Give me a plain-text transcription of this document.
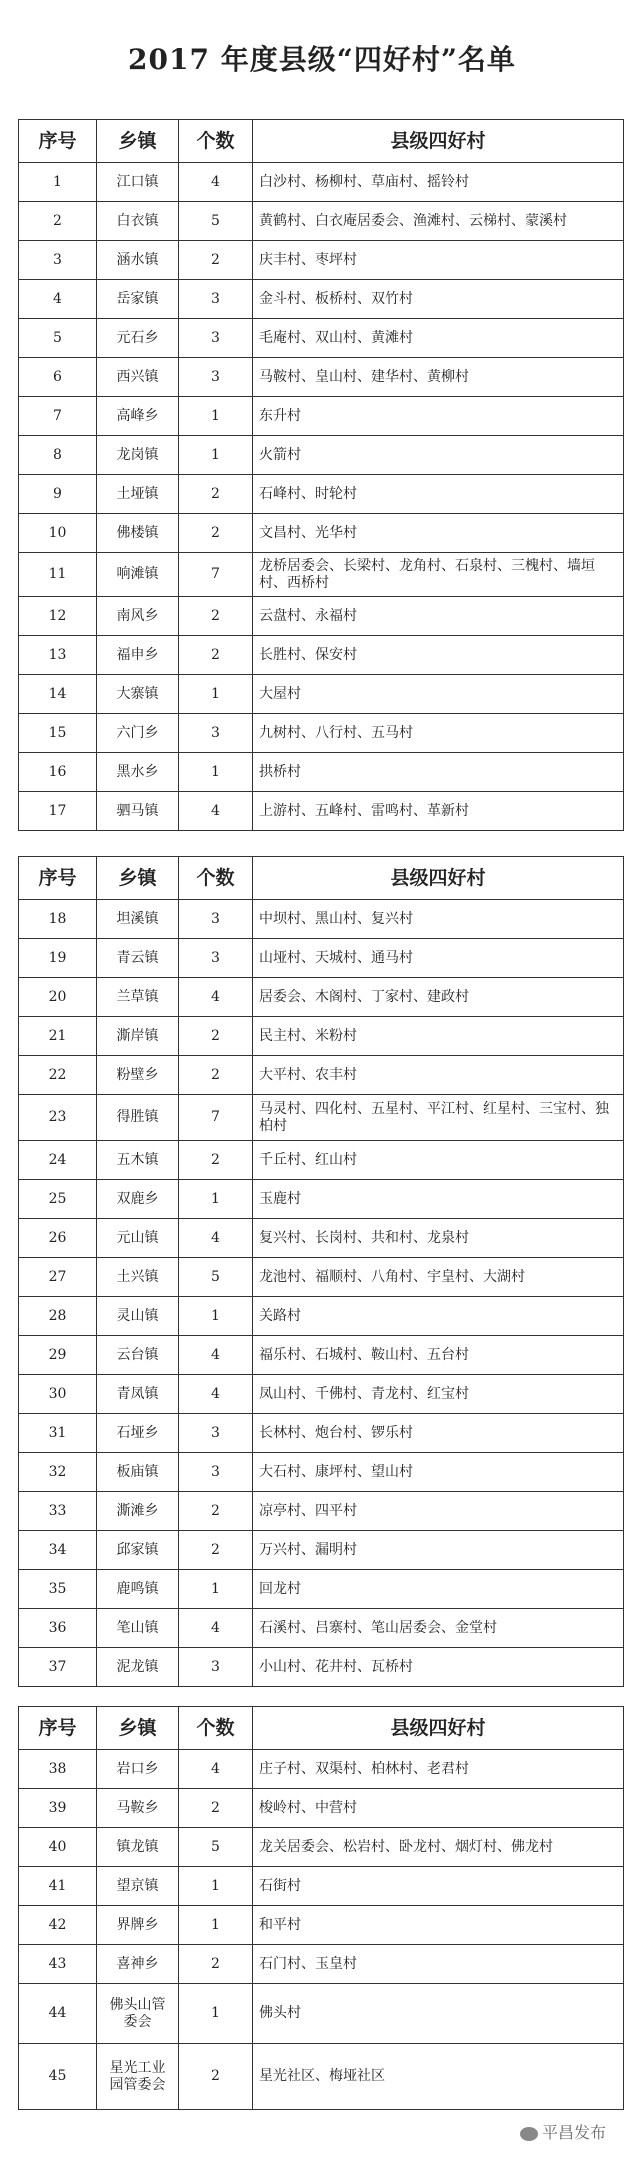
2017 年度县级“四好村”名单
序号	乡镇	个数	县级四好村
1	江口镇	4	白沙村、杨柳村、草庙村、摇铃村
2	白衣镇	5	黄鹤村、白衣庵居委会、渔滩村、云梯村、蒙溪村
3	涵水镇	2	庆丰村、枣坪村
4	岳家镇	3	金斗村、板桥村、双竹村
5	元石乡	3	毛庵村、双山村、黄滩村
6	西兴镇	3	马鞍村、皇山村、建华村、黄柳村
7	高峰乡	1	东升村
8	龙岗镇	1	火箭村
9	土垭镇	2	石峰村、时轮村
10	佛楼镇	2	文昌村、光华村
11	响滩镇	7	龙桥居委会、长梁村、龙角村、石泉村、三槐村、墙垣村、西桥村
12	南风乡	2	云盘村、永福村
13	福申乡	2	长胜村、保安村
14	大寨镇	1	大屋村
15	六门乡	3	九树村、八行村、五马村
16	黑水乡	1	拱桥村
17	驷马镇	4	上游村、五峰村、雷鸣村、革新村
序号	乡镇	个数	县级四好村
18	坦溪镇	3	中坝村、黑山村、复兴村
19	青云镇	3	山垭村、天城村、通马村
20	兰草镇	4	居委会、木阁村、丁家村、建政村
21	澌岸镇	2	民主村、米粉村
22	粉壁乡	2	大平村、农丰村
23	得胜镇	7	马灵村、四化村、五星村、平江村、红星村、三宝村、独柏村
24	五木镇	2	千丘村、红山村
25	双鹿乡	1	玉鹿村
26	元山镇	4	复兴村、长岗村、共和村、龙泉村
27	土兴镇	5	龙池村、福顺村、八角村、宇皇村、大湖村
28	灵山镇	1	关路村
29	云台镇	4	福乐村、石城村、鞍山村、五台村
30	青凤镇	4	凤山村、千佛村、青龙村、红宝村
31	石垭乡	3	长林村、炮台村、锣乐村
32	板庙镇	3	大石村、康坪村、望山村
33	澌滩乡	2	凉亭村、四平村
34	邱家镇	2	万兴村、漏明村
35	鹿鸣镇	1	回龙村
36	笔山镇	4	石溪村、吕寨村、笔山居委会、金堂村
37	泥龙镇	3	小山村、花井村、瓦桥村
序号	乡镇	个数	县级四好村
38	岩口乡	4	庄子村、双渠村、柏林村、老君村
39	马鞍乡	2	梭岭村、中营村
40	镇龙镇	5	龙关居委会、松岩村、卧龙村、烟灯村、佛龙村
41	望京镇	1	石街村
42	界牌乡	1	和平村
43	喜神乡	2	石门村、玉皇村
44	佛头山管委会	1	佛头村
45	星光工业园管委会	2	星光社区、梅垭社区
平昌发布
